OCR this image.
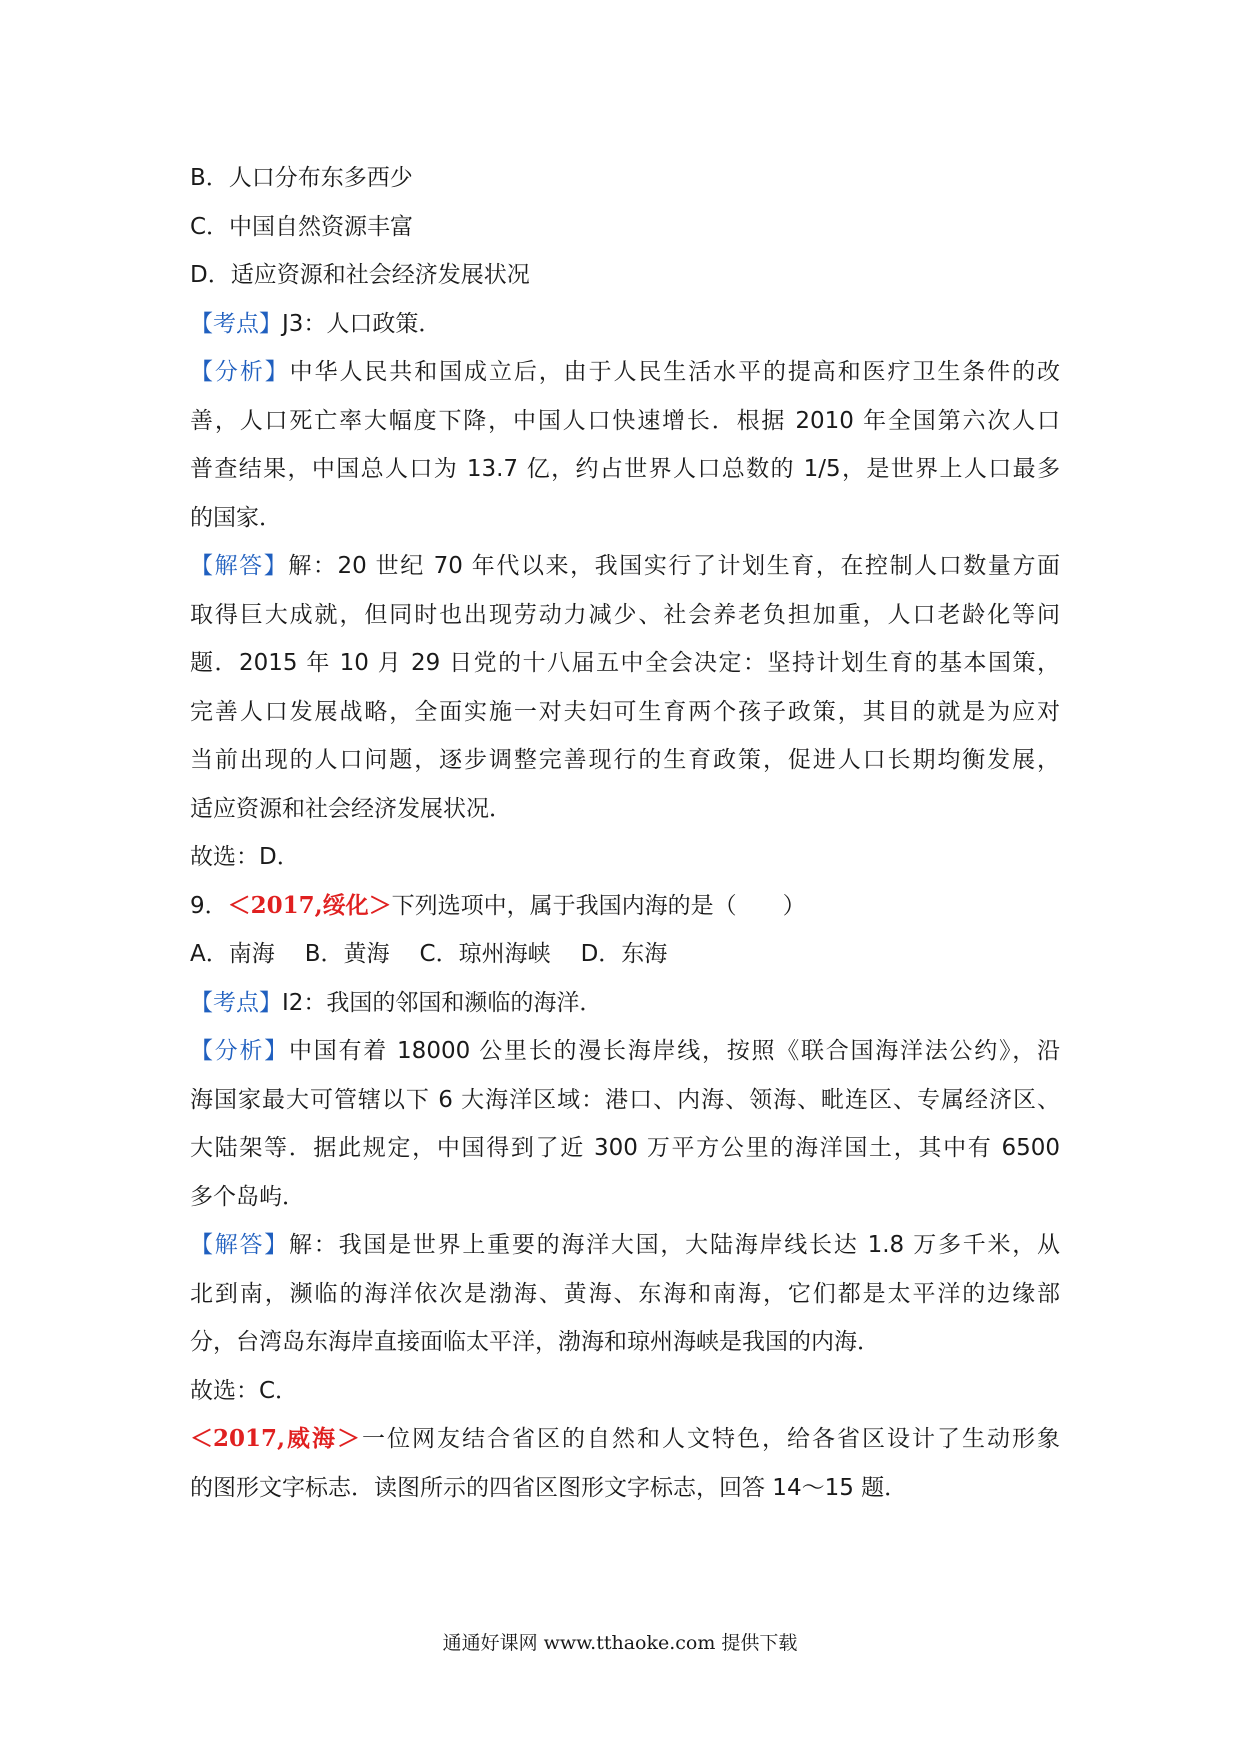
B．人口分布东多西少
C．中国自然资源丰富
D．适应资源和社会经济发展状况
【考点】J3：人口政策．
【分析】中华人民共和国成立后，由于人民生活水平的提高和医疗卫生条件的改
善，人口死亡率大幅度下降，中国人口快速增长．根据 2010 年全国第六次人口
普查结果，中国总人口为 13.7 亿，约占世界人口总数的 1/5，是世界上人口最多
的国家．
【解答】解：20 世纪 70 年代以来，我国实行了计划生育，在控制人口数量方面
取得巨大成就，但同时也出现劳动力减少、社会养老负担加重，人口老龄化等问
题．2015 年 10 月 29 日党的十八届五中全会决定：坚持计划生育的基本国策，
完善人口发展战略，全面实施一对夫妇可生育两个孩子政策，其目的就是为应对
当前出现的人口问题，逐步调整完善现行的生育政策，促进人口长期均衡发展，
适应资源和社会经济发展状况．
故选：D．
9．＜2017,绥化＞下列选项中，属于我国内海的是（　　）
A．南海 B．黄海 C．琼州海峡 D．东海
【考点】I2：我国的邻国和濒临的海洋．
【分析】中国有着 18000 公里长的漫长海岸线，按照《联合国海洋法公约》，沿
海国家最大可管辖以下 6 大海洋区域：港口、内海、领海、毗连区、专属经济区、
大陆架等．据此规定，中国得到了近 300 万平方公里的海洋国土，其中有 6500
多个岛屿．
【解答】解：我国是世界上重要的海洋大国，大陆海岸线长达 1.8 万多千米，从
北到南，濒临的海洋依次是渤海、黄海、东海和南海，它们都是太平洋的边缘部
分，台湾岛东海岸直接面临太平洋，渤海和琼州海峡是我国的内海．
故选：C．
＜2017,威海＞一位网友结合省区的自然和人文特色，给各省区设计了生动形象
的图形文字标志．读图所示的四省区图形文字标志，回答 14～15 题．
通通好课网 www.tthaoke.com 提供下载
